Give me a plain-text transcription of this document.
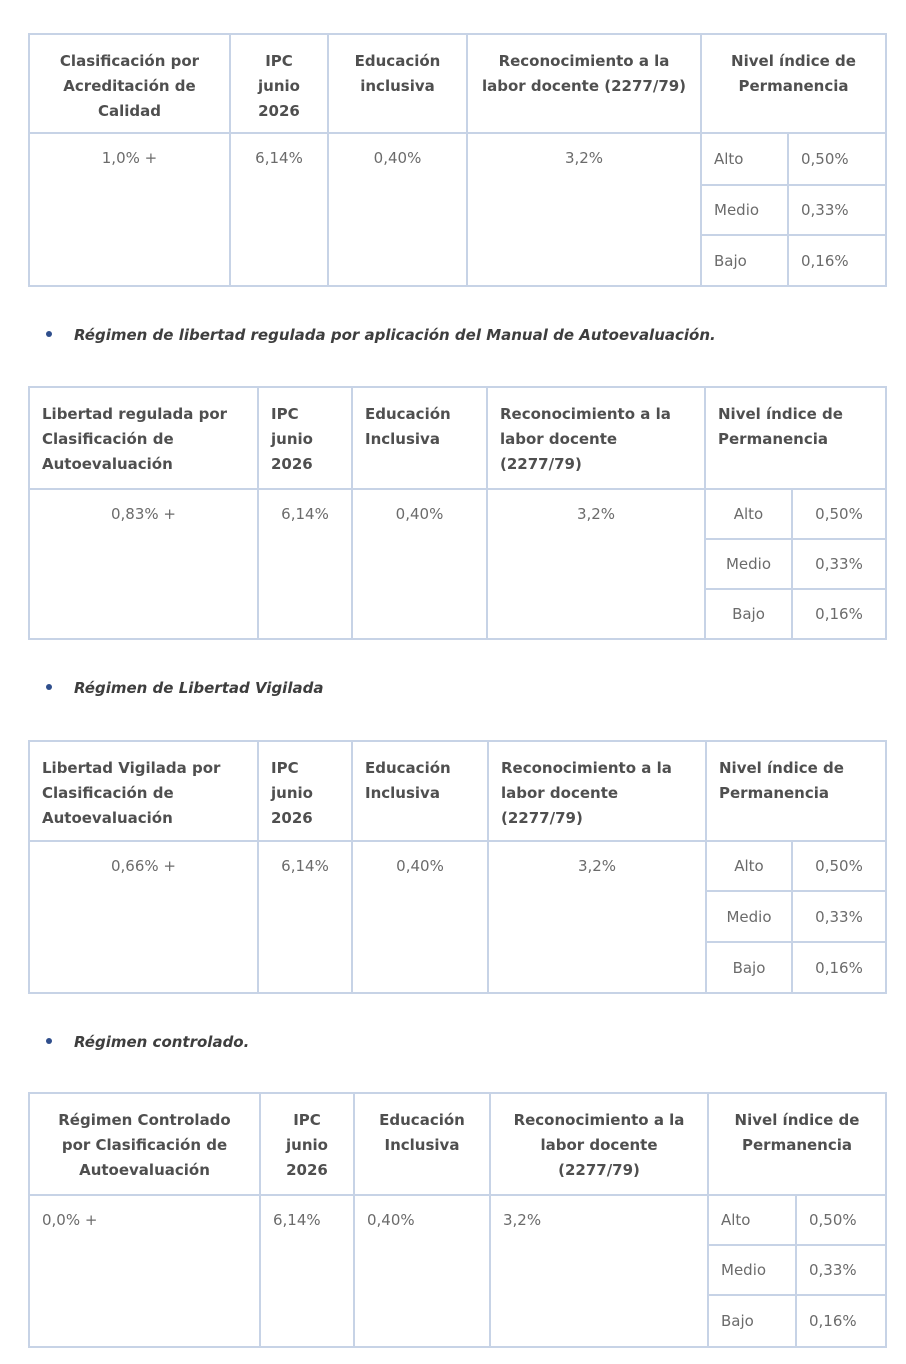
Clasificación por Acreditación de Calidad	IPC junio 2026	Educación inclusiva	Reconocimiento a la labor docente (2277/79)	Nivel índice de Permanencia	
1,0% +	6,14%	0,40%	3,2%	Alto	0,50%
				Medio	0,33%
				Bajo	0,16%
Régimen de libertad regulada por aplicación del Manual de Autoevaluación.
Libertad regulada por Clasificación de Autoevaluación	IPC junio 2026	Educación Inclusiva	Reconocimiento a la labor docente (2277/79)	Nivel índice de Permanencia	
0,83% +	6,14%	0,40%	3,2%	Alto	0,50%
				Medio	0,33%
				Bajo	0,16%
Régimen de Libertad Vigilada
Libertad Vigilada por Clasificación de Autoevaluación	IPC junio 2026	Educación Inclusiva	Reconocimiento a la labor docente (2277/79)	Nivel índice de Permanencia	
0,66% +	6,14%	0,40%	3,2%	Alto	0,50%
				Medio	0,33%
				Bajo	0,16%
Régimen controlado.
Régimen Controlado por Clasificación de Autoevaluación	IPC junio 2026	Educación Inclusiva	Reconocimiento a la labor docente (2277/79)	Nivel índice de Permanencia	
0,0% +	6,14%	0,40%	3,2%	Alto	0,50%
				Medio	0,33%
				Bajo	0,16%
